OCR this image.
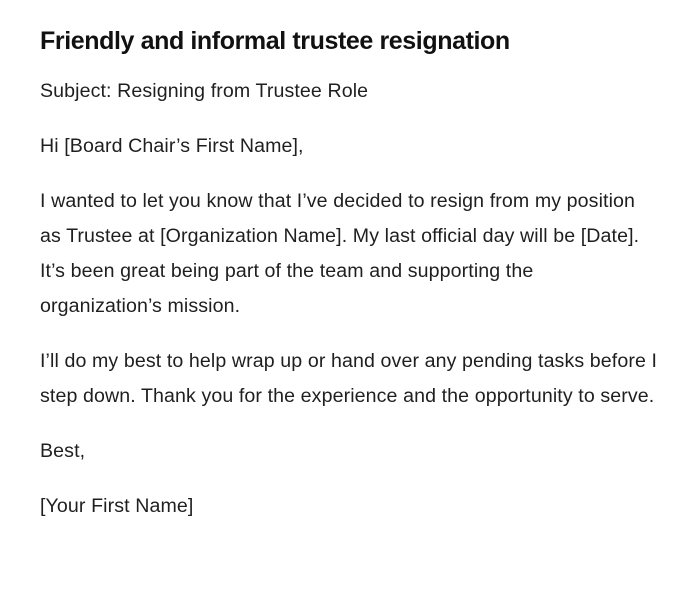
Friendly and informal trustee resignation

Subject: Resigning from Trustee Role

Hi [Board Chair’s First Name],

I wanted to let you know that I’ve decided to resign from my position as Trustee at [Organization Name]. My last official day will be [Date]. It’s been great being part of the team and supporting the organization’s mission.

I’ll do my best to help wrap up or hand over any pending tasks before I step down. Thank you for the experience and the opportunity to serve.

Best,

[Your First Name]
